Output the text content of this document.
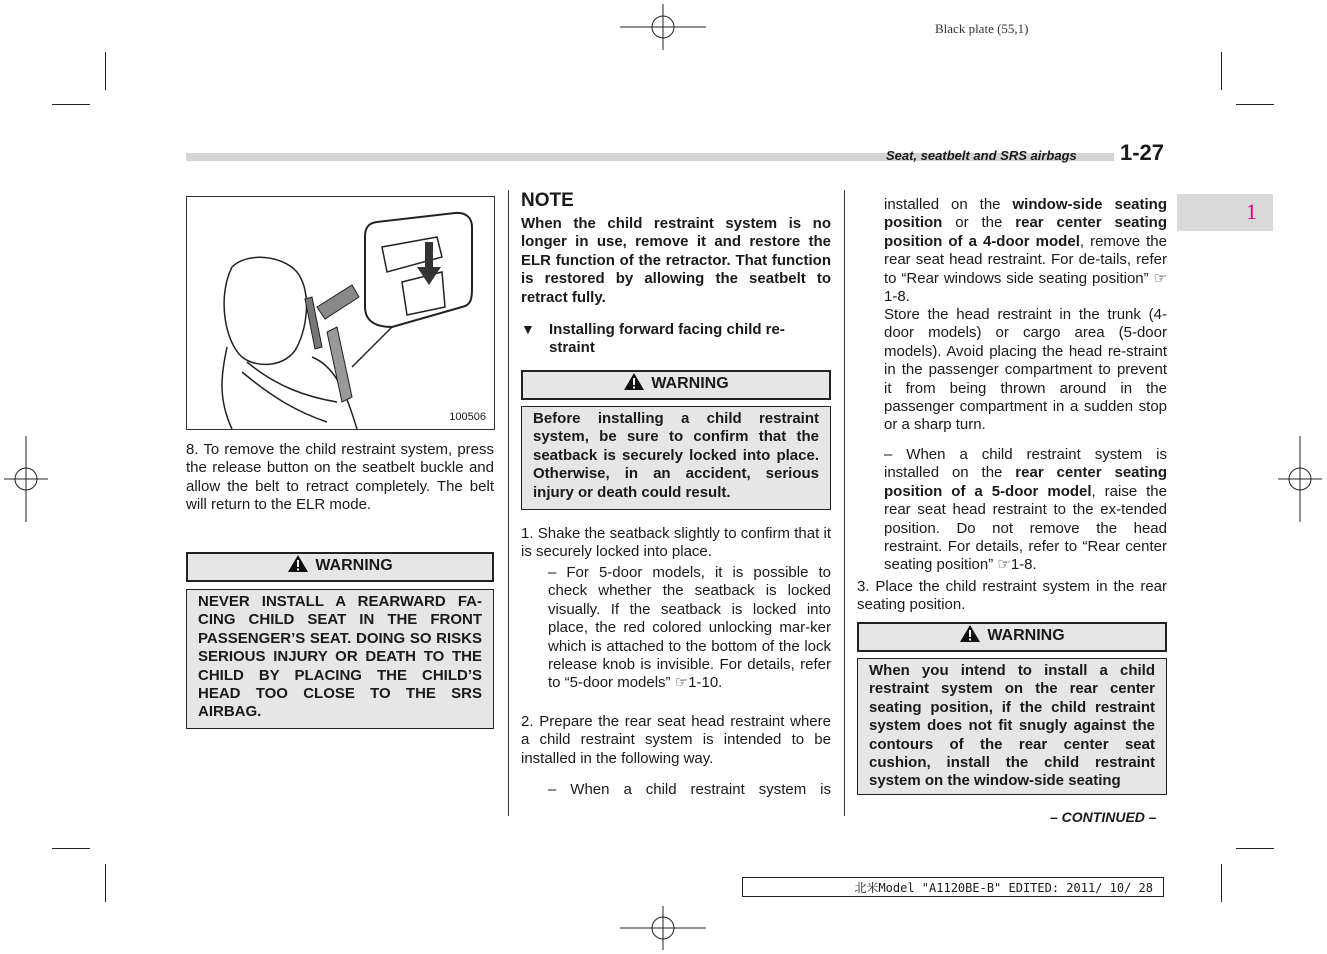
Black plate (55,1)
Seat, seatbelt and SRS airbags 1-27
1
100506
8. To remove the child restraint system, press the release button on the seatbelt buckle and allow the belt to retract completely. The belt will return to the ELR mode.
WARNING
NEVER INSTALL A REARWARD FA-CING CHILD SEAT IN THE FRONT PASSENGER’S SEAT. DOING SO RISKS SERIOUS INJURY OR DEATH TO THE CHILD BY PLACING THE CHILD’S HEAD TOO CLOSE TO THE SRS AIRBAG.
NOTE
When the child restraint system is no longer in use, remove it and restore the ELR function of the retractor. That function is restored by allowing the seatbelt to retract fully.
▼ Installing forward facing child re-straint
WARNING
Before installing a child restraint system, be sure to confirm that the seatback is securely locked into place. Otherwise, in an accident, serious injury or death could result.
1. Shake the seatback slightly to confirm that it is securely locked into place.
– For 5-door models, it is possible to check whether the seatback is locked visually. If the seatback is locked into place, the red colored unlocking mar-ker which is attached to the bottom of the lock release knob is invisible. For details, refer to “5-door models” ☞1-10.
2. Prepare the rear seat head restraint where a child restraint system is intended to be installed in the following way.
– When a child restraint system is
installed on the window-side seating position or the rear center seating position of a 4-door model, remove the rear seat head restraint. For de-tails, refer to “Rear windows side seating position” ☞1-8.
Store the head restraint in the trunk (4-door models) or cargo area (5-door models). Avoid placing the head re-straint in the passenger compartment to prevent it from being thrown around in the passenger compartment in a sudden stop or a sharp turn.
– When a child restraint system is installed on the rear center seating position of a 5-door model, raise the rear seat head restraint to the ex-tended position. Do not remove the head restraint. For details, refer to “Rear center seating position” ☞1-8.
3. Place the child restraint system in the rear seating position.
WARNING
When you intend to install a child restraint system on the rear center seating position, if the child restraint system does not fit snugly against the contours of the rear center seat cushion, install the child restraint system on the window-side seating
– CONTINUED –
北米Model "A1120BE-B" EDITED: 2011/ 10/ 28
